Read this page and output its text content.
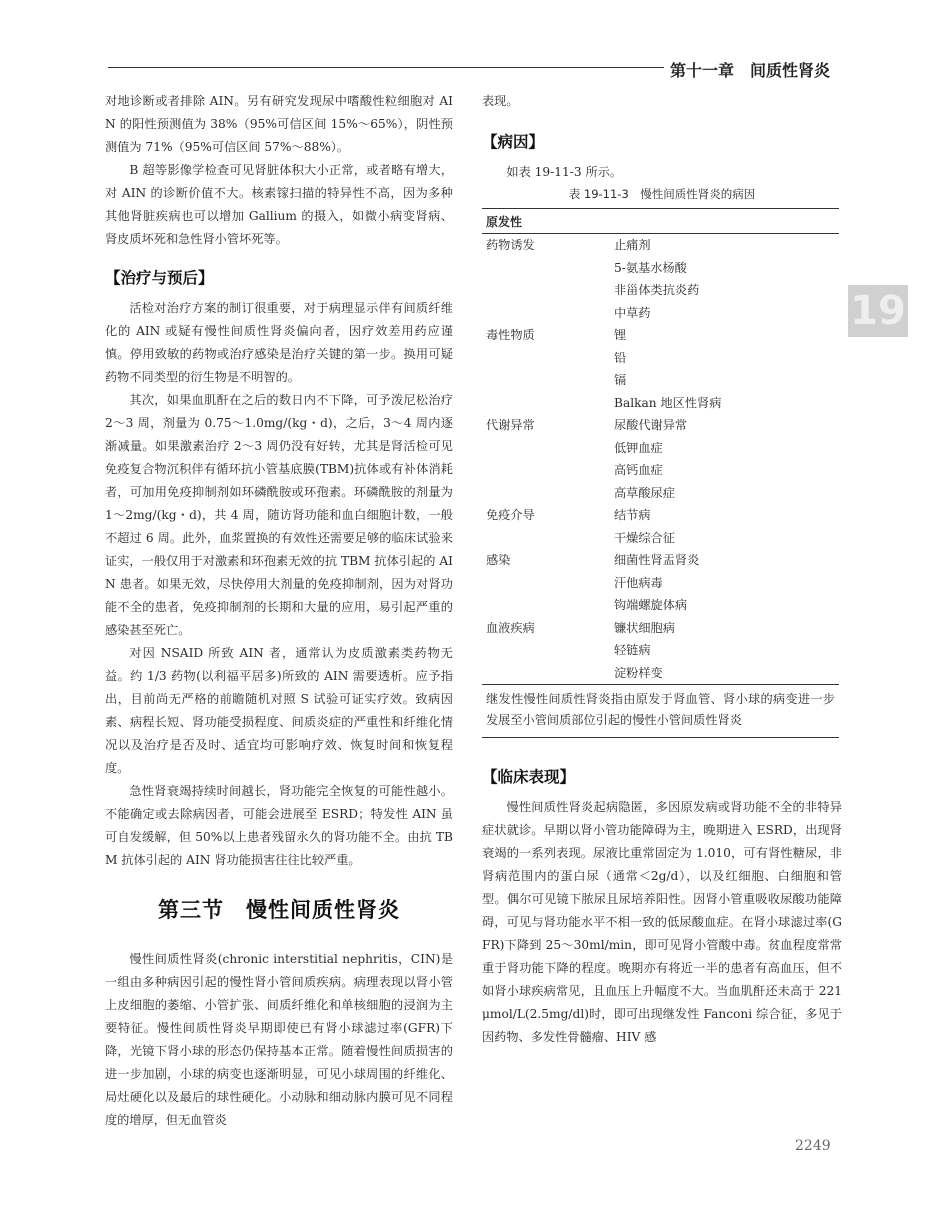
第十一章　间质性肾炎

对地诊断或者排除 AIN。另有研究发现尿中嗜酸性粒细胞对 AIN 的阳性预测值为 38%（95%可信区间 15%～65%），阴性预测值为 71%（95%可信区间 57%～88%）。

B 超等影像学检查可见肾脏体积大小正常，或者略有增大，对 AIN 的诊断价值不大。核素镓扫描的特异性不高，因为多种其他肾脏疾病也可以增加 Gallium 的摄入，如微小病变肾病、肾皮质坏死和急性肾小管坏死等。

【治疗与预后】

活检对治疗方案的制订很重要，对于病理显示伴有间质纤维化的 AIN 或疑有慢性间质性肾炎偏向者，因疗效差用药应谨慎。停用致敏的药物或治疗感染是治疗关键的第一步。换用可疑药物不同类型的衍生物是不明智的。

其次，如果血肌酐在之后的数日内不下降，可予泼尼松治疗 2～3 周，剂量为 0.75～1.0mg/(kg・d)，之后，3～4 周内逐渐减量。如果激素治疗 2～3 周仍没有好转，尤其是肾活检可见免疫复合物沉积伴有循环抗小管基底膜(TBM)抗体或有补体消耗者，可加用免疫抑制剂如环磷酰胺或环孢素。环磷酰胺的剂量为 1～2mg/(kg・d)，共 4 周，随访肾功能和血白细胞计数，一般不超过 6 周。此外，血浆置换的有效性还需要足够的临床试验来证实，一般仅用于对激素和环孢素无效的抗 TBM 抗体引起的 AIN 患者。如果无效，尽快停用大剂量的免疫抑制剂，因为对肾功能不全的患者，免疫抑制剂的长期和大量的应用，易引起严重的感染甚至死亡。

对因 NSAID 所致 AIN 者，通常认为皮质激素类药物无益。约 1/3 药物(以利福平居多)所致的 AIN 需要透析。应予指出，目前尚无严格的前瞻随机对照 S 试验可证实疗效。致病因素、病程长短、肾功能受损程度、间质炎症的严重性和纤维化情况以及治疗是否及时、适宜均可影响疗效、恢复时间和恢复程度。

急性肾衰竭持续时间越长，肾功能完全恢复的可能性越小。不能确定或去除病因者，可能会进展至 ESRD；特发性 AIN 虽可自发缓解，但 50%以上患者残留永久的肾功能不全。由抗 TBM 抗体引起的 AIN 肾功能损害往往比较严重。

第三节　慢性间质性肾炎

慢性间质性肾炎(chronic interstitial nephritis，CIN)是一组由多种病因引起的慢性肾小管间质疾病。病理表现以肾小管上皮细胞的萎缩、小管扩张、间质纤维化和单核细胞的浸润为主要特征。慢性间质性肾炎早期即使已有肾小球滤过率(GFR)下降，光镜下肾小球的形态仍保持基本正常。随着慢性间质损害的进一步加剧，小球的病变也逐渐明显，可见小球周围的纤维化、局灶硬化以及最后的球性硬化。小动脉和细动脉内膜可见不同程度的增厚，但无血管炎

表现。

【病因】

如表 19-11-3 所示。

表 19-11-3　慢性间质性肾炎的病因
原发性	
药物诱发	止痛剂
	5-氨基水杨酸
	非甾体类抗炎药
	中草药
毒性物质	锂
	铅
	镉
	Balkan 地区性肾病
代谢异常	尿酸代谢异常
	低钾血症
	高钙血症
	高草酸尿症
免疫介导	结节病
	干燥综合征
感染	细菌性肾盂肾炎
	汗他病毒
	钩端螺旋体病
血液疾病	镰状细胞病
	轻链病
	淀粉样变
继发性慢性间质性肾炎指由原发于肾血管、肾小球的病变进一步发展至小管间质部位引起的慢性小管间质性肾炎	
【临床表现】

慢性间质性肾炎起病隐匿，多因原发病或肾功能不全的非特异症状就诊。早期以肾小管功能障碍为主，晚期进入 ESRD，出现肾衰竭的一系列表现。尿液比重常固定为 1.010，可有肾性糖尿，非肾病范围内的蛋白尿（通常＜2g/d），以及红细胞、白细胞和管型。偶尔可见镜下脓尿且尿培养阳性。因肾小管重吸收尿酸功能障碍，可见与肾功能水平不相一致的低尿酸血症。在肾小球滤过率(GFR)下降到 25～30ml/min，即可见肾小管酸中毒。贫血程度常常重于肾功能下降的程度。晚期亦有将近一半的患者有高血压，但不如肾小球疾病常见，且血压上升幅度不大。当血肌酐还未高于 221μmol/L(2.5mg/dl)时，即可出现继发性 Fanconi 综合征，多见于因药物、多发性骨髓瘤、HIV 感

19
2249
